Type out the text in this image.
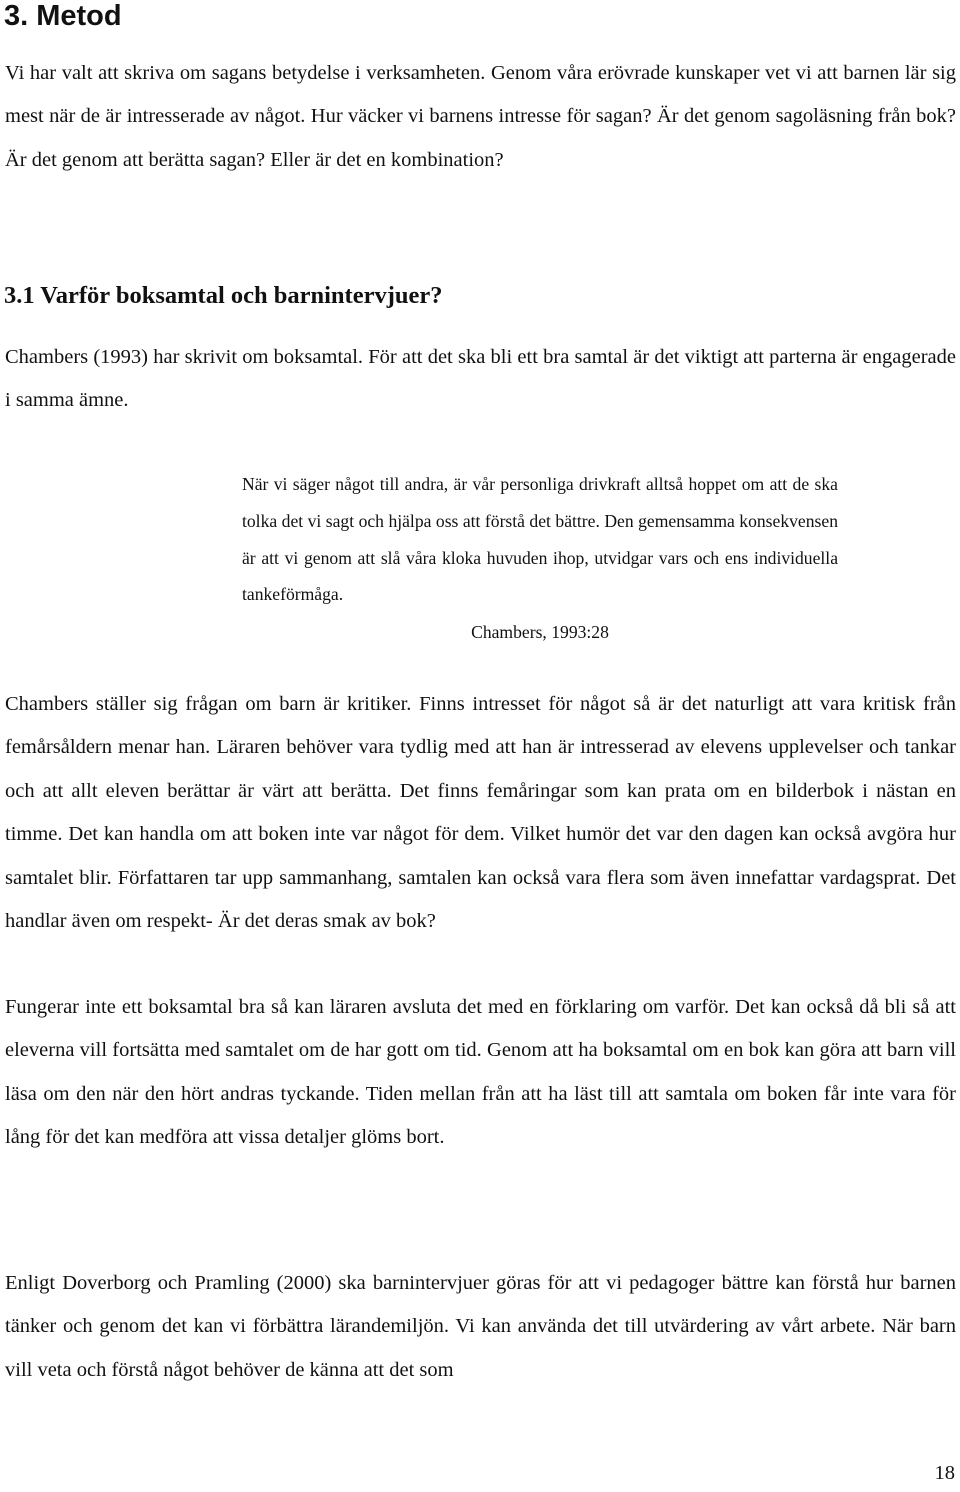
3. Metod

Vi har valt att skriva om sagans betydelse i verksamheten. Genom våra erövrade kunskaper vet vi att barnen lär sig mest när de är intresserade av något. Hur väcker vi barnens intresse för sagan? Är det genom sagoläsning från bok? Är det genom att berätta sagan? Eller är det en kombination?

3.1 Varför boksamtal och barnintervjuer?

Chambers (1993) har skrivit om boksamtal. För att det ska bli ett bra samtal är det viktigt att parterna är engagerade i samma ämne.

När vi säger något till andra, är vår personliga drivkraft alltså hoppet om att de ska tolka det vi sagt och hjälpa oss att förstå det bättre. Den gemensamma konsekvensen är att vi genom att slå våra kloka huvuden ihop, utvidgar vars och ens individuella tankeförmåga.

Chambers, 1993:28

Chambers ställer sig frågan om barn är kritiker. Finns intresset för något så är det naturligt att vara kritisk från femårsåldern menar han. Läraren behöver vara tydlig med att han är intresserad av elevens upplevelser och tankar och att allt eleven berättar är värt att berätta. Det finns femåringar som kan prata om en bilderbok i nästan en timme. Det kan handla om att boken inte var något för dem. Vilket humör det var den dagen kan också avgöra hur samtalet blir. Författaren tar upp sammanhang, samtalen kan också vara flera som även innefattar vardagsprat. Det handlar även om respekt- Är det deras smak av bok?

Fungerar inte ett boksamtal bra så kan läraren avsluta det med en förklaring om varför. Det kan också då bli så att eleverna vill fortsätta med samtalet om de har gott om tid. Genom att ha boksamtal om en bok kan göra att barn vill läsa om den när den hört andras tyckande. Tiden mellan från att ha läst till att samtala om boken får inte vara för lång för det kan medföra att vissa detaljer glöms bort.

Enligt Doverborg och Pramling (2000) ska barnintervjuer göras för att vi pedagoger bättre kan förstå hur barnen tänker och genom det kan vi förbättra lärandemiljön. Vi kan använda det till utvärdering av vårt arbete. När barn vill veta och förstå något behöver de känna att det som

18
